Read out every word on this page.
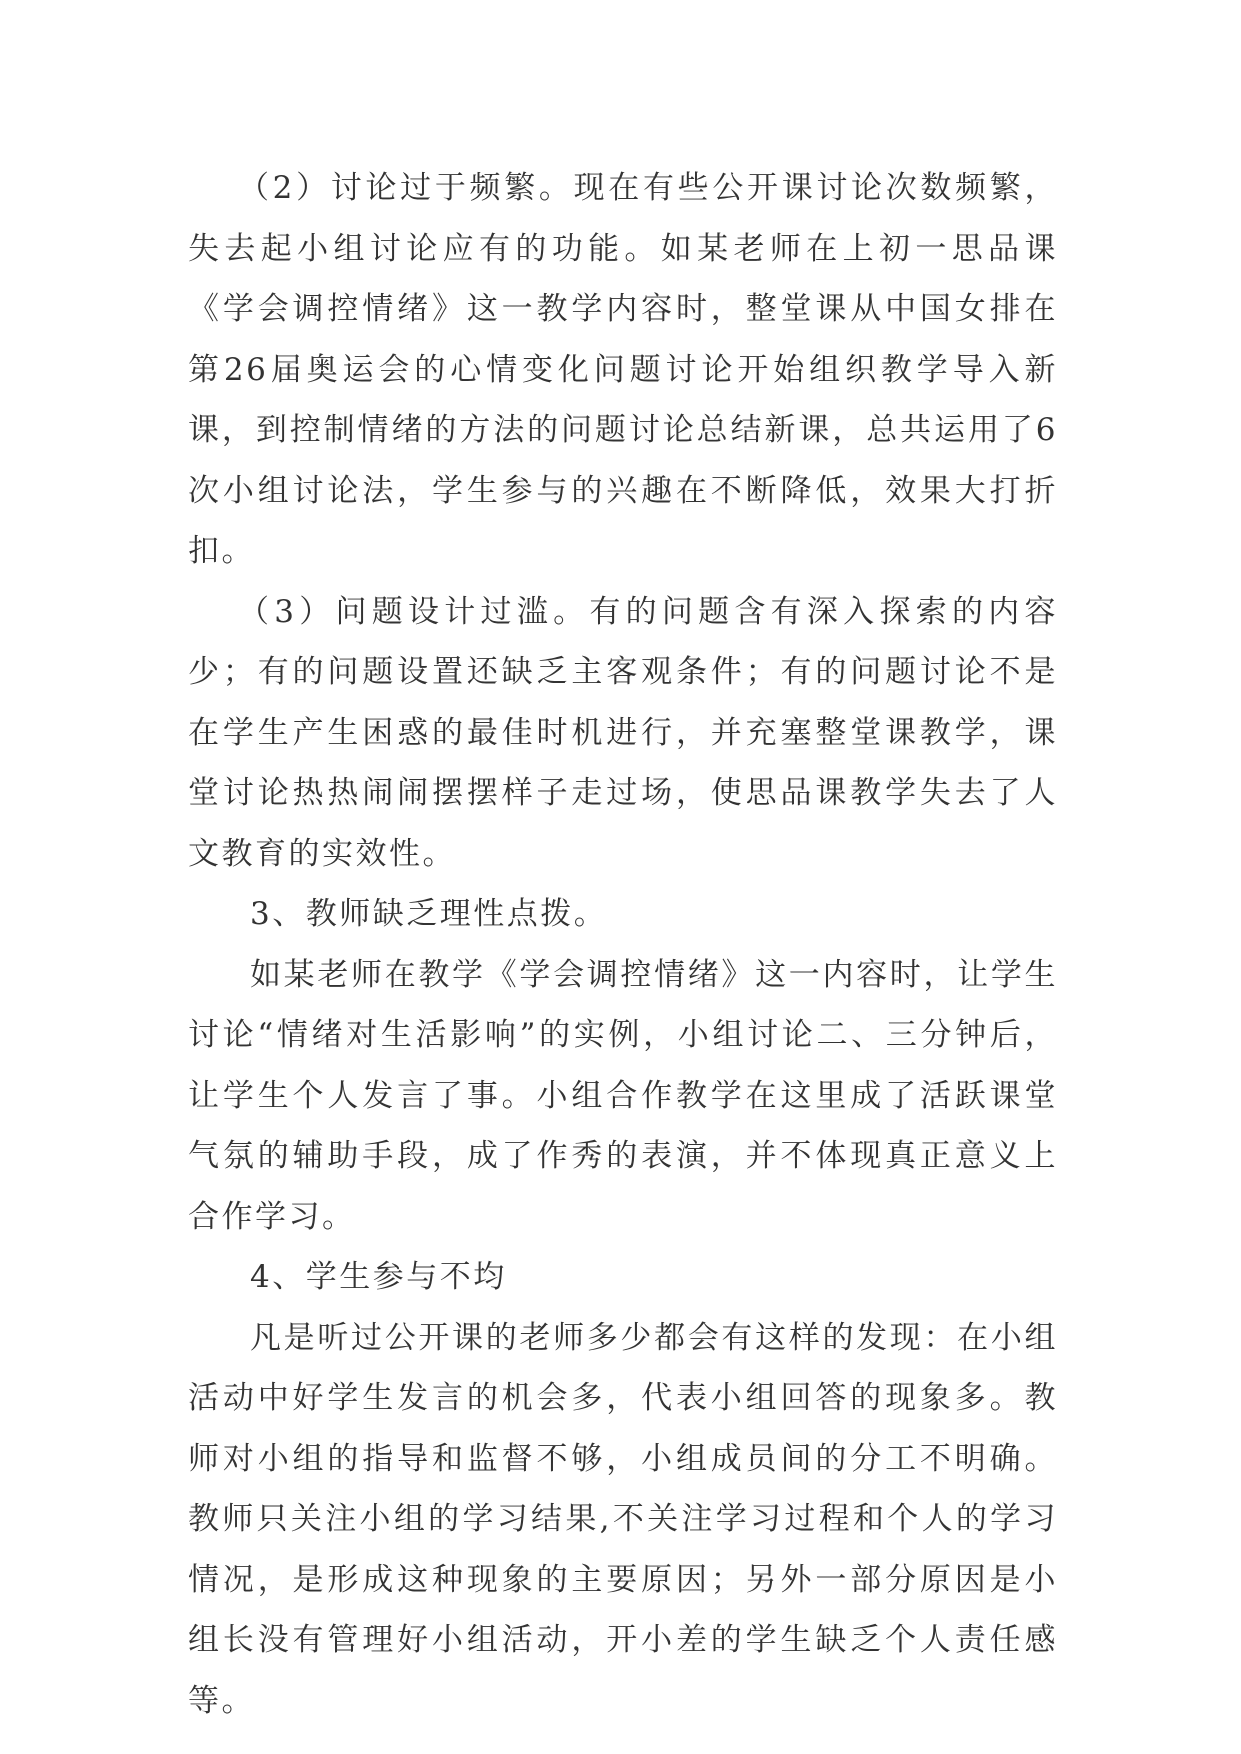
（2）讨论过于频繁。现在有些公开课讨论次数频繁，失去起小组讨论应有的功能。如某老师在上初一思品课《学会调控情绪》这一教学内容时，整堂课从中国女排在第26届奥运会的心情变化问题讨论开始组织教学导入新课，到控制情绪的方法的问题讨论总结新课，总共运用了6次小组讨论法，学生参与的兴趣在不断降低，效果大打折扣。

（3）问题设计过滥。有的问题含有深入探索的内容少；有的问题设置还缺乏主客观条件；有的问题讨论不是在学生产生困惑的最佳时机进行，并充塞整堂课教学，课堂讨论热热闹闹摆摆样子走过场，使思品课教学失去了人文教育的实效性。

3、教师缺乏理性点拨。

如某老师在教学《学会调控情绪》这一内容时，让学生讨论“情绪对生活影响”的实例，小组讨论二、三分钟后，让学生个人发言了事。小组合作教学在这里成了活跃课堂气氛的辅助手段，成了作秀的表演，并不体现真正意义上合作学习。

4、学生参与不均

凡是听过公开课的老师多少都会有这样的发现：在小组活动中好学生发言的机会多，代表小组回答的现象多。教师对小组的指导和监督不够，小组成员间的分工不明确。教师只关注小组的学习结果,不关注学习过程和个人的学习情况，是形成这种现象的主要原因；另外一部分原因是小组长没有管理好小组活动，开小差的学生缺乏个人责任感等。
